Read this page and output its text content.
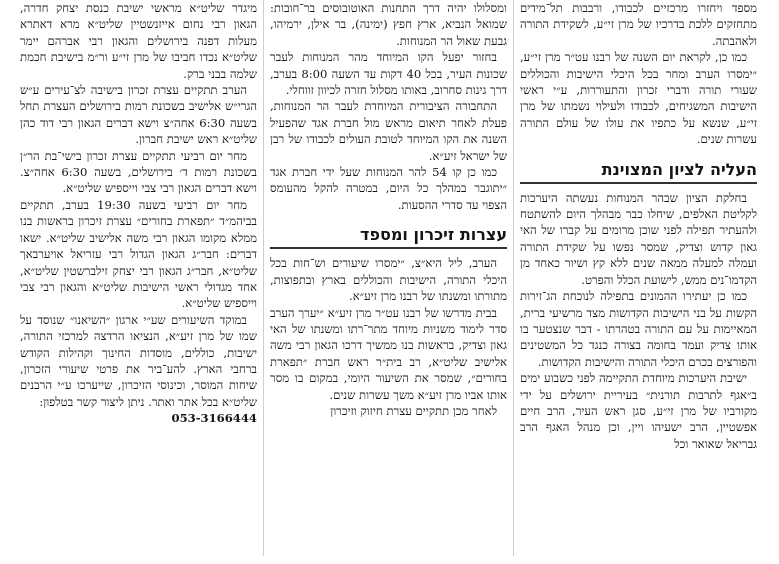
מספד ויחזרו מרכזיים לכבודו, ורבבות תל־מידים מתחזקים ללכת בדרכיו של מרן זי״ע, לשקידת התורה ולאהבתה.

כמו כן, לקראת יום השנה של רבנו עט״ר מרן זי״ע, ״ימסרו הערב ומחר בכל היכלי הישיבות והכוללים שעורי תורה ודברי זכרון והתעוררות, ע״י ראשי הישיבות המשגיחים, לכבודו ולעילוי נשמתו של מרן זי״ע, שנשא על כתפיו את עולו של עולם התורה עשרות שנים.

העליה לציון המצוינת

בחלקת הציון שבהר המנוחות נעשתה היערכות לקליטת האלפים, שיחלו כבר מבהלך היום להשתטח ולהעתיר תפילה לפני שוכן מרומים על קברו של האי גאון קדוש וצדיק, שמסר נפשו על שקידת התורה ועמלה למעלה ממאה שנים ללא קץ ושיור כאחד מן הקדמו־נים ממש, לישועת הכלל והפרט.

כמו כן יעתירו ההמונים בתפילה לנוכחת הג־זירות הקשות על בני הישיבות הקדושות מצד מרשיעי ברית, המאיימות על עם התורה בטהרתו - דבר שנצטער בו אותו צדיק ועמד בחומה בצורה כנגד כל המשטינים והפורצים בכרם היכלי התורה והישיבות הקדושות.

ישיבת היערכות מיוחדת התקיימה לפני כשבוע ימים ב״אגף לתרבות תורנית״ בעיריית ירושלים על ידי מקורביו של מרן זי״ע, סגן ראש העיר, הרב חיים אפשטיין, הרב ישעיהו ויין, וכן מנהל האגף הרב גבריאל שאואר וכל

ומסלולו יהיה דרך התחנות האוטובוסים בר־חובות: שמואל הנביא, ארץ חפץ (ימינה), בר אילן, ירמיהו, גבעת שאול הר המנוחות.

בחזור יפעל הקו המיוחד מהר המנוחות לעבר שכונות העיר, בכל 40 דקות עד השעה 8:00 בערב, דרך גינות סחרוב, באותו מסלול חזרה לכיוון זווחלי.

התחבורה הציבורית המיוחדת לעבר הר המנוחות, פעלת לאחר תיאום מראש מול חברת אגד שהפעיל השנה את הקו המיוחד לטובת העולים לכבודו של רבן של ישראל זיע״א.

כמו כן קו 54 להר המנוחות שעל ידי חברת אגד ״יתוגבר במהלך כל היום, במטרה להקל מהעומס הצפוי עד סדרי ההסעות.

עצרות זיכרון ומספד

הערב, ליל היא״צ, ״ימסרו שיעורים וש־חות בכל היכלי התורה, הישיבות והכוללים בארץ ובתפוצות, מתורתו ומשנתו של רבנו מרן זיע״א.

בבית מדרשו של רבנו עט״ר מרן זיע״א ״יערך הערב סדר לימוד משניות מיוחד מתר־רתו ומשנתו של האי גאון וצדיק, בראשות בנו ממשיך דרכו הגאון רבי משה אלישיב שליט״א, רב בית״ר ראש חברת ״תפארת בחורים״, שמסר את השיעור היומי, במקום בו מסר אותו אביו מרן זיע״א משך עשרות שנים.

לאחר מכן תתקיים עצרת חיזוק וזיכרון

מיגדר שליט״א מראשי ישיבת כנסת יצחק חדרה, הגאון רבי נחום אייזנשטיין שליט״א מרא דאתרא מעלות דפנה בירושלים והגאון רבי אברהם יימר שליט״א נכדו חביבו של מרן זי״ע ור״מ בישיבת חכמת שלמה בבני ברק.

הערב תתקיים עצרת זכרון בישיבה לצ־עירים ע״ש הגרי״ש אלישיב בשכונת רמות בירושלים העצרת תחל בשעה 6:30 אחה״צ וישא דברים הגאון רבי דוד כהן שליט״א ראש ישיבת חברון.

מחר יום רביעי תתקיים עצרת זכרון בישי־בת הר״ן בשכונת רמות ד׳ בירושלים, בשעה 6:30 אחה״צ. וישא דברים הגאון רבי צבי וייספיש שליט״א.

מחר יום רביעי בשעה 19:30 בערב, תתקיים בביהמ״ד ״תפארת בחורים״ עצרת זיכרון בראשות בנו ממלא מקומו הגאון רבי משה אלישיב שליט״א. ישאו דברים: חבר״ג הגאון הגדול רבי עזריאל אויערבאך שליט״א, חבר״ג הגאון רבי יצחק זילברשטין שליט״א, אחד מגדולי ראשי הישיבות שליט״א והגאון רבי צבי וייספיש שליט״א.

במוקד השיעורים שע״י ארגון ״השיאנו״ שנוסד על שמו של מרן זיע״א, הנציאו הרדצה למרכזי התורה, ישיבות, כוללים, מוסדות החינוך וקהילות הקודש ברחבי הארץ. להע־ביר את פרטי שיעורי הזכרון, שיחות המוסר, וכינוסי הזיכרון, שייערכו ע״י הרבנים שליט״א בכל אתר ואתר. ניתן ליצור קשר בטלפון:

053-3166444
